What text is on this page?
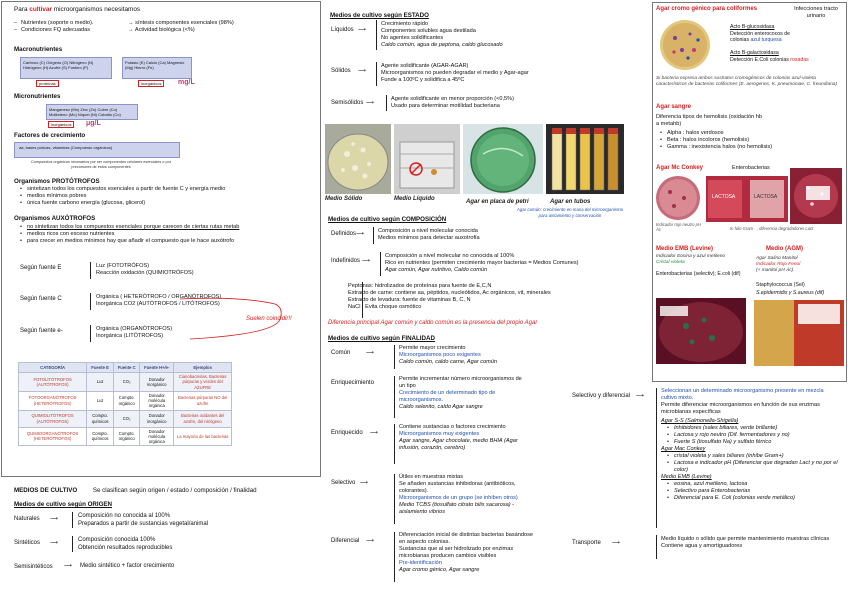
Para cultivar microorganismos necesitamos
– Nutrientes (soporte o medio).
– Condiciones FQ adecuadas
→ síntesis componentes esenciales (98%)
→ Actividad biológica (<%)
Macronutrientes
Carbono (C) Oxígeno (O) Nitrógeno (N) Hidrógeno (H) Azufre (S) Fosforo (P)
proteínas
Potasio (K) Calcio (Ca) Magnesio (Mg) Hierro (Fe)
inorgánicos	mg/L
Micronutrientes
Manganeso (Mn) Zinc (Zn) Cobre (Cu) Molibdeno (Mo) Níquel (Ni) Cobalto (Co)
inorgánicos	μg/L
Factores de crecimiento
aa, bases púricas, vitaminas (Compuesto orgánicos)
Compuestos orgánicos necesarios por ser componentes celulares esenciales o por precursores de estos componentes
Organismos PROTÓTROFOS
• sintetizan todos los compuestos esenciales a partir de fuente C y energía medio
• medios mínimos pobres
• única fuente carbono energía (glucosa, glicerol)
Organismos AUXÓTROFOS
• no sintetizan todos los compuestos esenciales porque carecen de ciertas rutas metab
• medios ricos con exceso nutrientes
• para crecer en medios mínimos hay que añadir el compuesto que le hace auxótrofo
Según fuente E	Luz (FOTOTRÓFOS)
Reacción oxidación (QUIMIOTRÓFOS)
Según fuente C	Orgánica ( HETERÓTROFO / ORGANÓTROFOS)
Inorgánica CO2 (AUTÓTROFOS / LITÓTROFOS)
Según fuente e-	Orgánica (ORGANÓTROFOS)
Inorgánica (LITÓTROFOS)
Suelen coincidir!!
CATEGORÍA	Fuente E	Fuente C	Fuente H+/e-	Ejemplos
FOTOLITÓTROFOS (AUTÓTROFOS)	Luz	CO₂	Donador inorgánico	Cianobacterias, Bacterias púrpuras y verdes del AZUFRE
FOTOORGANÓTROFOS (HETERÓTROFOS)	Luz	Compto. orgánico	Donador molécula orgánica	Bacterias púrpuras NO del azufre
QUIMIOLITÓTROFOS (AUTÓTROFOS)	Compto. químicos	CO₂	Donador inorgánico	Bacterias oxidantes del azufre, del nitrógeno
QUIMIOORGANÓTROFOS (HETERÓTROFOS)	Compto. químicos	Compto. orgánico	Donador molécula orgánica	La mayoría de las bacterias
MEDIOS DE CULTIVO	Se clasifican según origen / estado / composición / finalidad
Medios de cultivo según ORIGEN
Naturales ⟶	Composición no conocida al 100%
Preparados a partir de sustancias vegetal/animal
Sintéticos ⟶	Composición conocida 100%
Obtención resultados reproducibles
Semisintéticos ⟶ Medio sintético + factor crecimiento
Medios de cultivo según ESTADO
Líquidos ⟶
Crecimiento rápido
Componentes solubles agua destilada
No agentes solidificantes
Caldo común, agua de peptona, caldo glucosado
Sólidos ⟶
Agente solidificante (AGAR-AGAR)
Microorganismos no pueden degradar el medio y Agar-agar
Funde a 100ºC y solidifica a 45ºC
Semisólidos ⟶
Agente solidificante en menor proporción (<0,5%)
Usado para determinar motilidad bacteriana
Medio Sólido	Medio Líquido	Agar en placa de petri	Agar en tubos
Agar común: crecimiento en masa del microorganismo para aislamiento y conservación
Medios de cultivo según COMPOSICIÓN
Definidos ⟶ Composición a nivel molecular conocida
Medios mínimos para detectar auxotrofía
Indefinidos ⟶
Composición a nivel molecular no conocida al 100%
Rico en nutrientes (permiten crecimiento mayor bacterias = Medios Comunes)
Agar común, Agar nutritivo, Caldo común
Peptonas: hidrolizados de proteínas para fuente de E,C,N
Extracto de carne: contiene aa, péptidos, nucleótidos, Ac orgánicos, vit, minerales
Extracto de levadura: fuente de vitaminas B, C, N
NaCl : Evita choque osmótico
Diferencia principal Agar común y caldo común es la presencia del propio Agar
Medios de cultivo según FINALIDAD
Común	⟶
Permite mayor crecimiento
Microorganismos poco exigentes
Caldo común, caldo carne, Agar común
Enriquecimiento
Permite incrementar número microorganismos de un tipo
Crecimiento de un determinado tipo de microorganismos.
Caldo selenito, caldo Agar sangre
Enriquecido ⟶
Contiene sustancias o factores crecimiento
Microorganismos muy exigentes
Agar sangre, Agar chocolate, medio BHIA (Agar infusión, corazón, cerebro)
Selectivo ⟶
Útiles en muestras mixtas
Se añaden sustancias inhibidoras (antibióticos, colorantes).
Microorganismos de un grupo (se inhiben otros)
Medio TCBS (tiosulfato citrato bilis sacarosa) - aislamiento vibrios
Diferencial ⟶
Diferenciación inicial de distintas bacterias basándose en aspecto colonias.
Sustancias que al ser hidrolizado por enzimas microbianas producen cambios visibles
Pre-identificación
Agar cromo génico, Agar sangre
Agar cromo génico para coliformes	Infecciones tracto urinario
Acto B-glucosidasa
Detección enterococos de colonias azul turquesa
Acto B-galactosidasa
Detección E.Coli colonias rosadas
Si bacteria expresa ambos sustratos cromogénicos de colonias azul-violeta característicos de bacterias coliformes (E. aerogenes, K. pneumoniae, C. freundiana)
Agar sangre
Diferencia tipos de hemolisis (oxidación hb a metahb)
• Alpha : halos verdosos
• Beta : halos incoloros (hemolisis)
• Gamma : inexistencia halos (no hemolisis)
Agar Mc Conkey	Enterobacterias
LACTOSA	LACTOSA
Indicador rojo neutro pH Ác	In folo Gram - , diferencia degradadores Lact
Medio EMB (Levine)
Indicador Eosina y azul metileno
Cristal violeta
Enterobacterias (selectiv); E.coli (dif)
Medio (AGM)
Agar Salino Manitol
Indicador Rojo Fenol
(+ manitol pH Ác)
Staphylococcus (Sel)
S.epidermidis y S.aureus (dif)
Selectivo y diferencial ⟶
Seleccionan un determinado microorganismo presente en mezcla cultivo mixto.
Permite diferenciar microorganismos en función de sus enzimas microbianas específicas
Agar S-S (Salmonella-Shigella)
• Inhibidores (sales biliares, verde brillante)
• Lactosa y rojo neutro (Dif. fermentadores y no)
• Fuerte S (tiosulfato Na) y sulfato férrico
Agar Mac Conkey
• cristal violeta y sales biliares (inhibe Gram+)
• Lactosa e indicador pH (Diferenciar que degradan Lact y no por el color)
Medio EMB (Levine)
• eosina, azul metileno, lactosa
• Selectivo para Enterobacterias
• Diferencial para E. Coli (colonias verde metálico)
Transporte ⟶
Medio líquido o sólido que permite mantenimiento muestras clínicas
Contiene agua y amortiguadores
